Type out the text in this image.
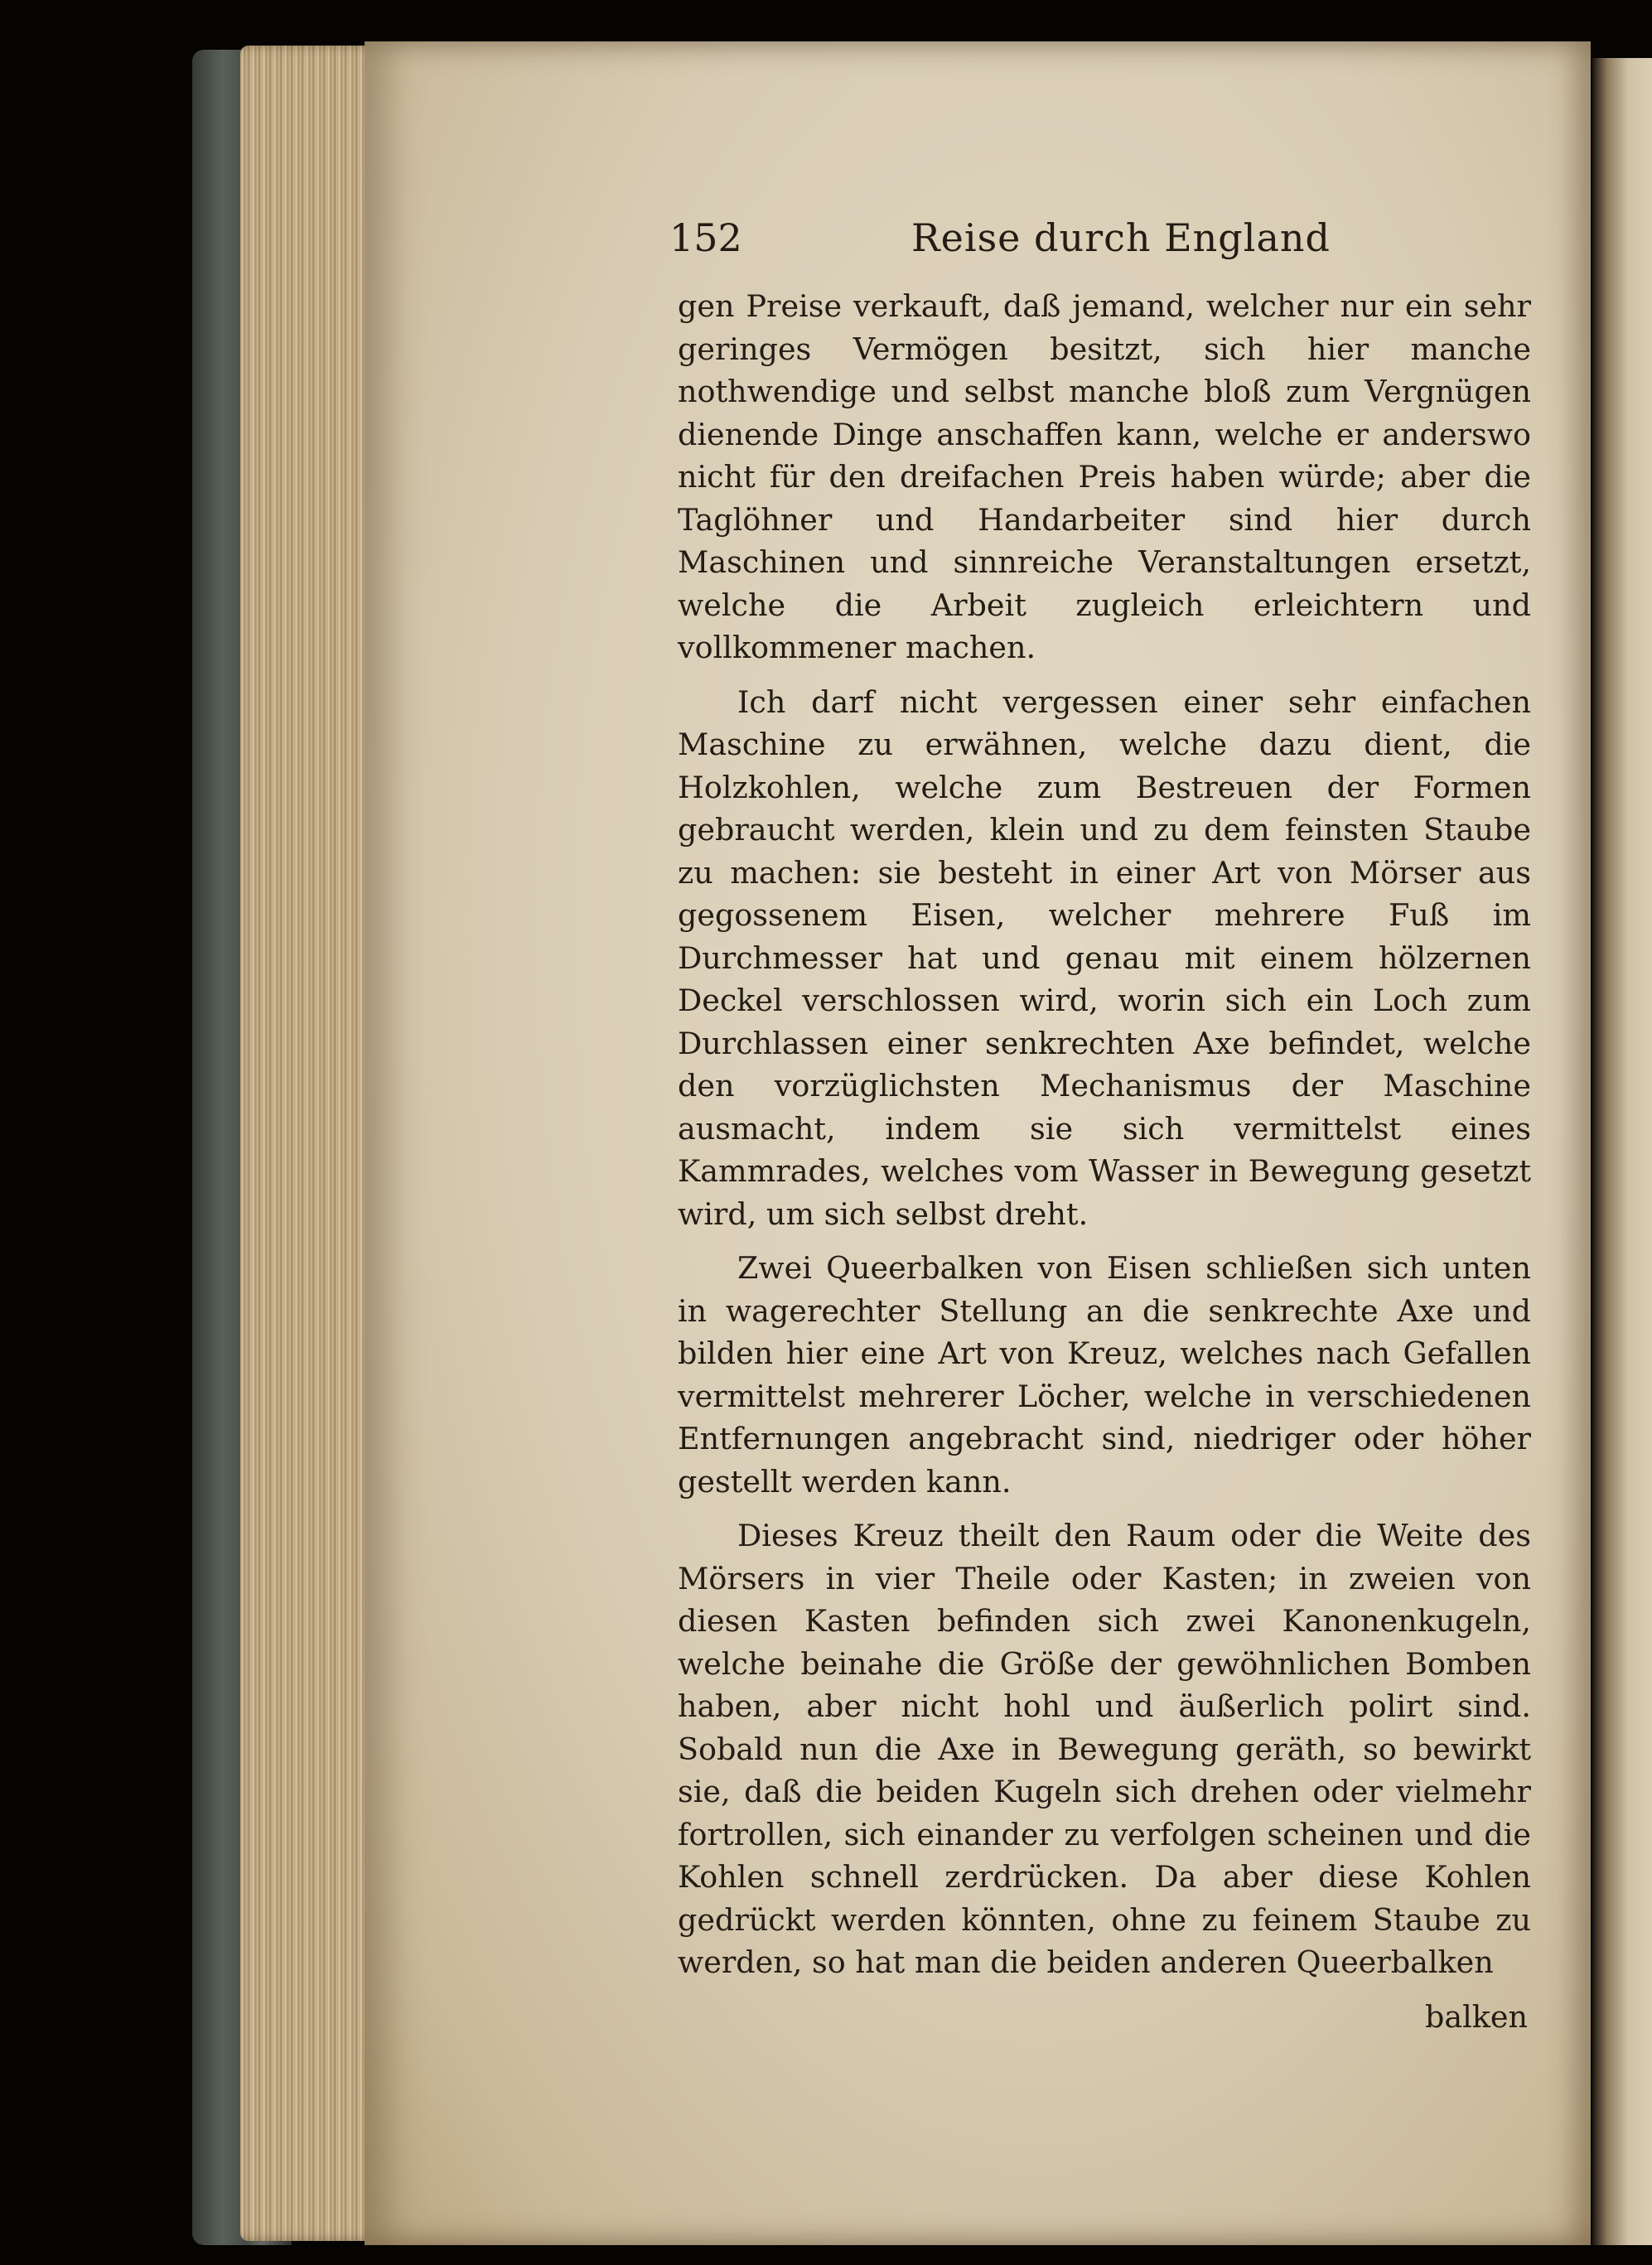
152	Reise durch England

gen Preise verkauft, daß jemand, welcher nur ein sehr geringes Vermögen besitzt, sich hier manche nothwendige und selbst manche bloß zum Vergnügen dienende Dinge anschaffen kann, welche er anderswo nicht für den dreifachen Preis haben würde; aber die Taglöhner und Handarbeiter sind hier durch Maschinen und sinnreiche Veranstaltungen ersetzt, welche die Arbeit zugleich erleichtern und vollkommener machen.

Ich darf nicht vergessen einer sehr einfachen Maschine zu erwähnen, welche dazu dient, die Holzkohlen, welche zum Bestreuen der Formen gebraucht werden, klein und zu dem feinsten Staube zu machen: sie besteht in einer Art von Mörser aus gegossenem Eisen, welcher mehrere Fuß im Durchmesser hat und genau mit einem hölzernen Deckel verschlossen wird, worin sich ein Loch zum Durchlassen einer senkrechten Axe befindet, welche den vorzüglichsten Mechanismus der Maschine ausmacht, indem sie sich vermittelst eines Kammrades, welches vom Wasser in Bewegung gesetzt wird, um sich selbst dreht.

Zwei Queerbalken von Eisen schließen sich unten in wagerechter Stellung an die senkrechte Axe und bilden hier eine Art von Kreuz, welches nach Gefallen vermittelst mehrerer Löcher, welche in verschiedenen Entfernungen angebracht sind, niedriger oder höher gestellt werden kann.

Dieses Kreuz theilt den Raum oder die Weite des Mörsers in vier Theile oder Kasten; in zweien von diesen Kasten befinden sich zwei Kanonenkugeln, welche beinahe die Größe der gewöhnlichen Bomben haben, aber nicht hohl und äußerlich polirt sind. Sobald nun die Axe in Bewegung geräth, so bewirkt sie, daß die beiden Kugeln sich drehen oder vielmehr fortrollen, sich einander zu verfolgen scheinen und die Kohlen schnell zerdrücken. Da aber diese Kohlen gedrückt werden könnten, ohne zu feinem Staube zu werden, so hat man die beiden anderen Queerbalken

balken
